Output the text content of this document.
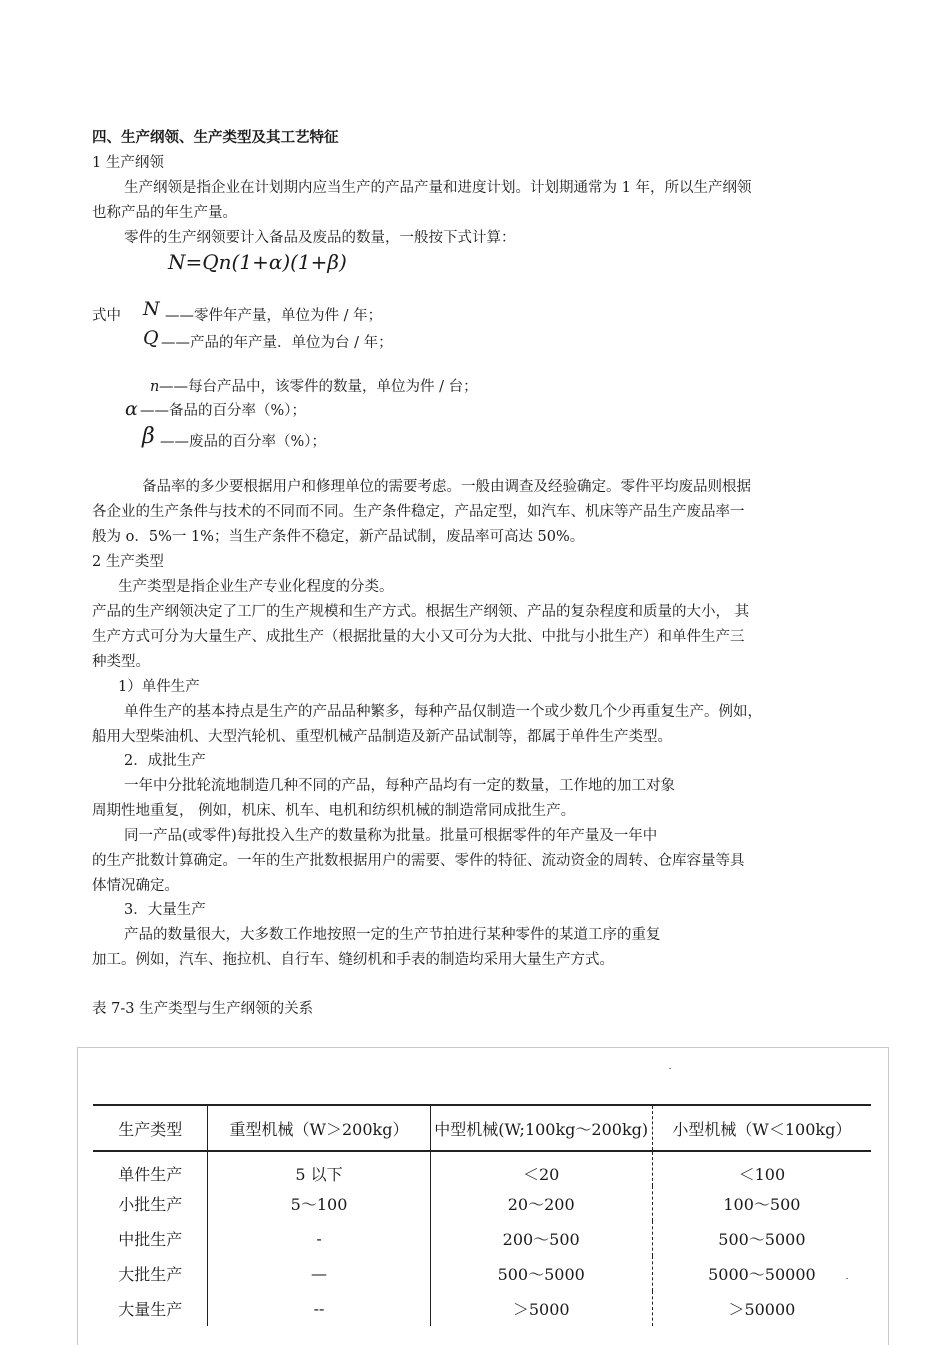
四、生产纲领、生产类型及其工艺特征
1 生产纲领
生产纲领是指企业在计划期内应当生产的产品产量和进度计划。计划期通常为 1 年，所以生产纲领
也称产品的年生产量。
零件的生产纲领要计入备品及废品的数量，一般按下式计算：
N=Qn(1+α)(1+β)
式中 N ——零件年产量，单位为件 / 年；
Q ——产品的年产量．单位为台 / 年；
n ——每台产品中，该零件的数量，单位为件 / 台；
α ——备品的百分率（%）；
β ——废品的百分率（%）；
备品率的多少要根据用户和修理单位的需要考虑。一般由调查及经验确定。零件平均废品则根据
各企业的生产条件与技术的不同而不同。生产条件稳定，产品定型，如汽车、机床等产品生产废品率一
般为 o．5%一 1%；当生产条件不稳定，新产品试制，废品率可高达 50%。
2 生产类型
生产类型是指企业生产专业化程度的分类。
产品的生产纲领决定了工厂的生产规模和生产方式。根据生产纲领、产品的复杂程度和质量的大小， 其
生产方式可分为大量生产、成批生产（根据批量的大小又可分为大批、中批与小批生产）和单件生产三
种类型。
1）单件生产
单件生产的基本持点是生产的产品品种繁多，每种产品仅制造一个或少数几个少再重复生产。例如，
船用大型柴油机、大型汽轮机、重型机械产品制造及新产品试制等，都属于单件生产类型。
2．成批生产
一年中分批轮流地制造几种不同的产品，每种产品均有一定的数量，工作地的加工对象
周期性地重复， 例如，机床、机车、电机和纺织机械的制造常同成批生产。
同一产品(或零件)每批投入生产的数量称为批量。批量可根据零件的年产量及一年中
的生产批数计算确定。一年的生产批数根据用户的需要、零件的特征、流动资金的周转、仓库容量等具
体情况确定。
3．大量生产
产品的数量很大，大多数工作地按照一定的生产节拍进行某种零件的某道工序的重复
加工。例如，汽车、拖拉机、自行车、缝纫机和手表的制造均采用大量生产方式。
表 7-3 生产类型与生产纲领的关系
生产类型	重型机械（W＞200kg）	中型机械(W;100kg～200kg)	小型机械（W＜100kg）
单件生产	5 以下	＜20	＜100
小批生产	5～100	20～200	100～500
中批生产	-	200～500	500～5000
大批生产	—	500～5000	5000～50000
大量生产	--	＞5000	＞50000
